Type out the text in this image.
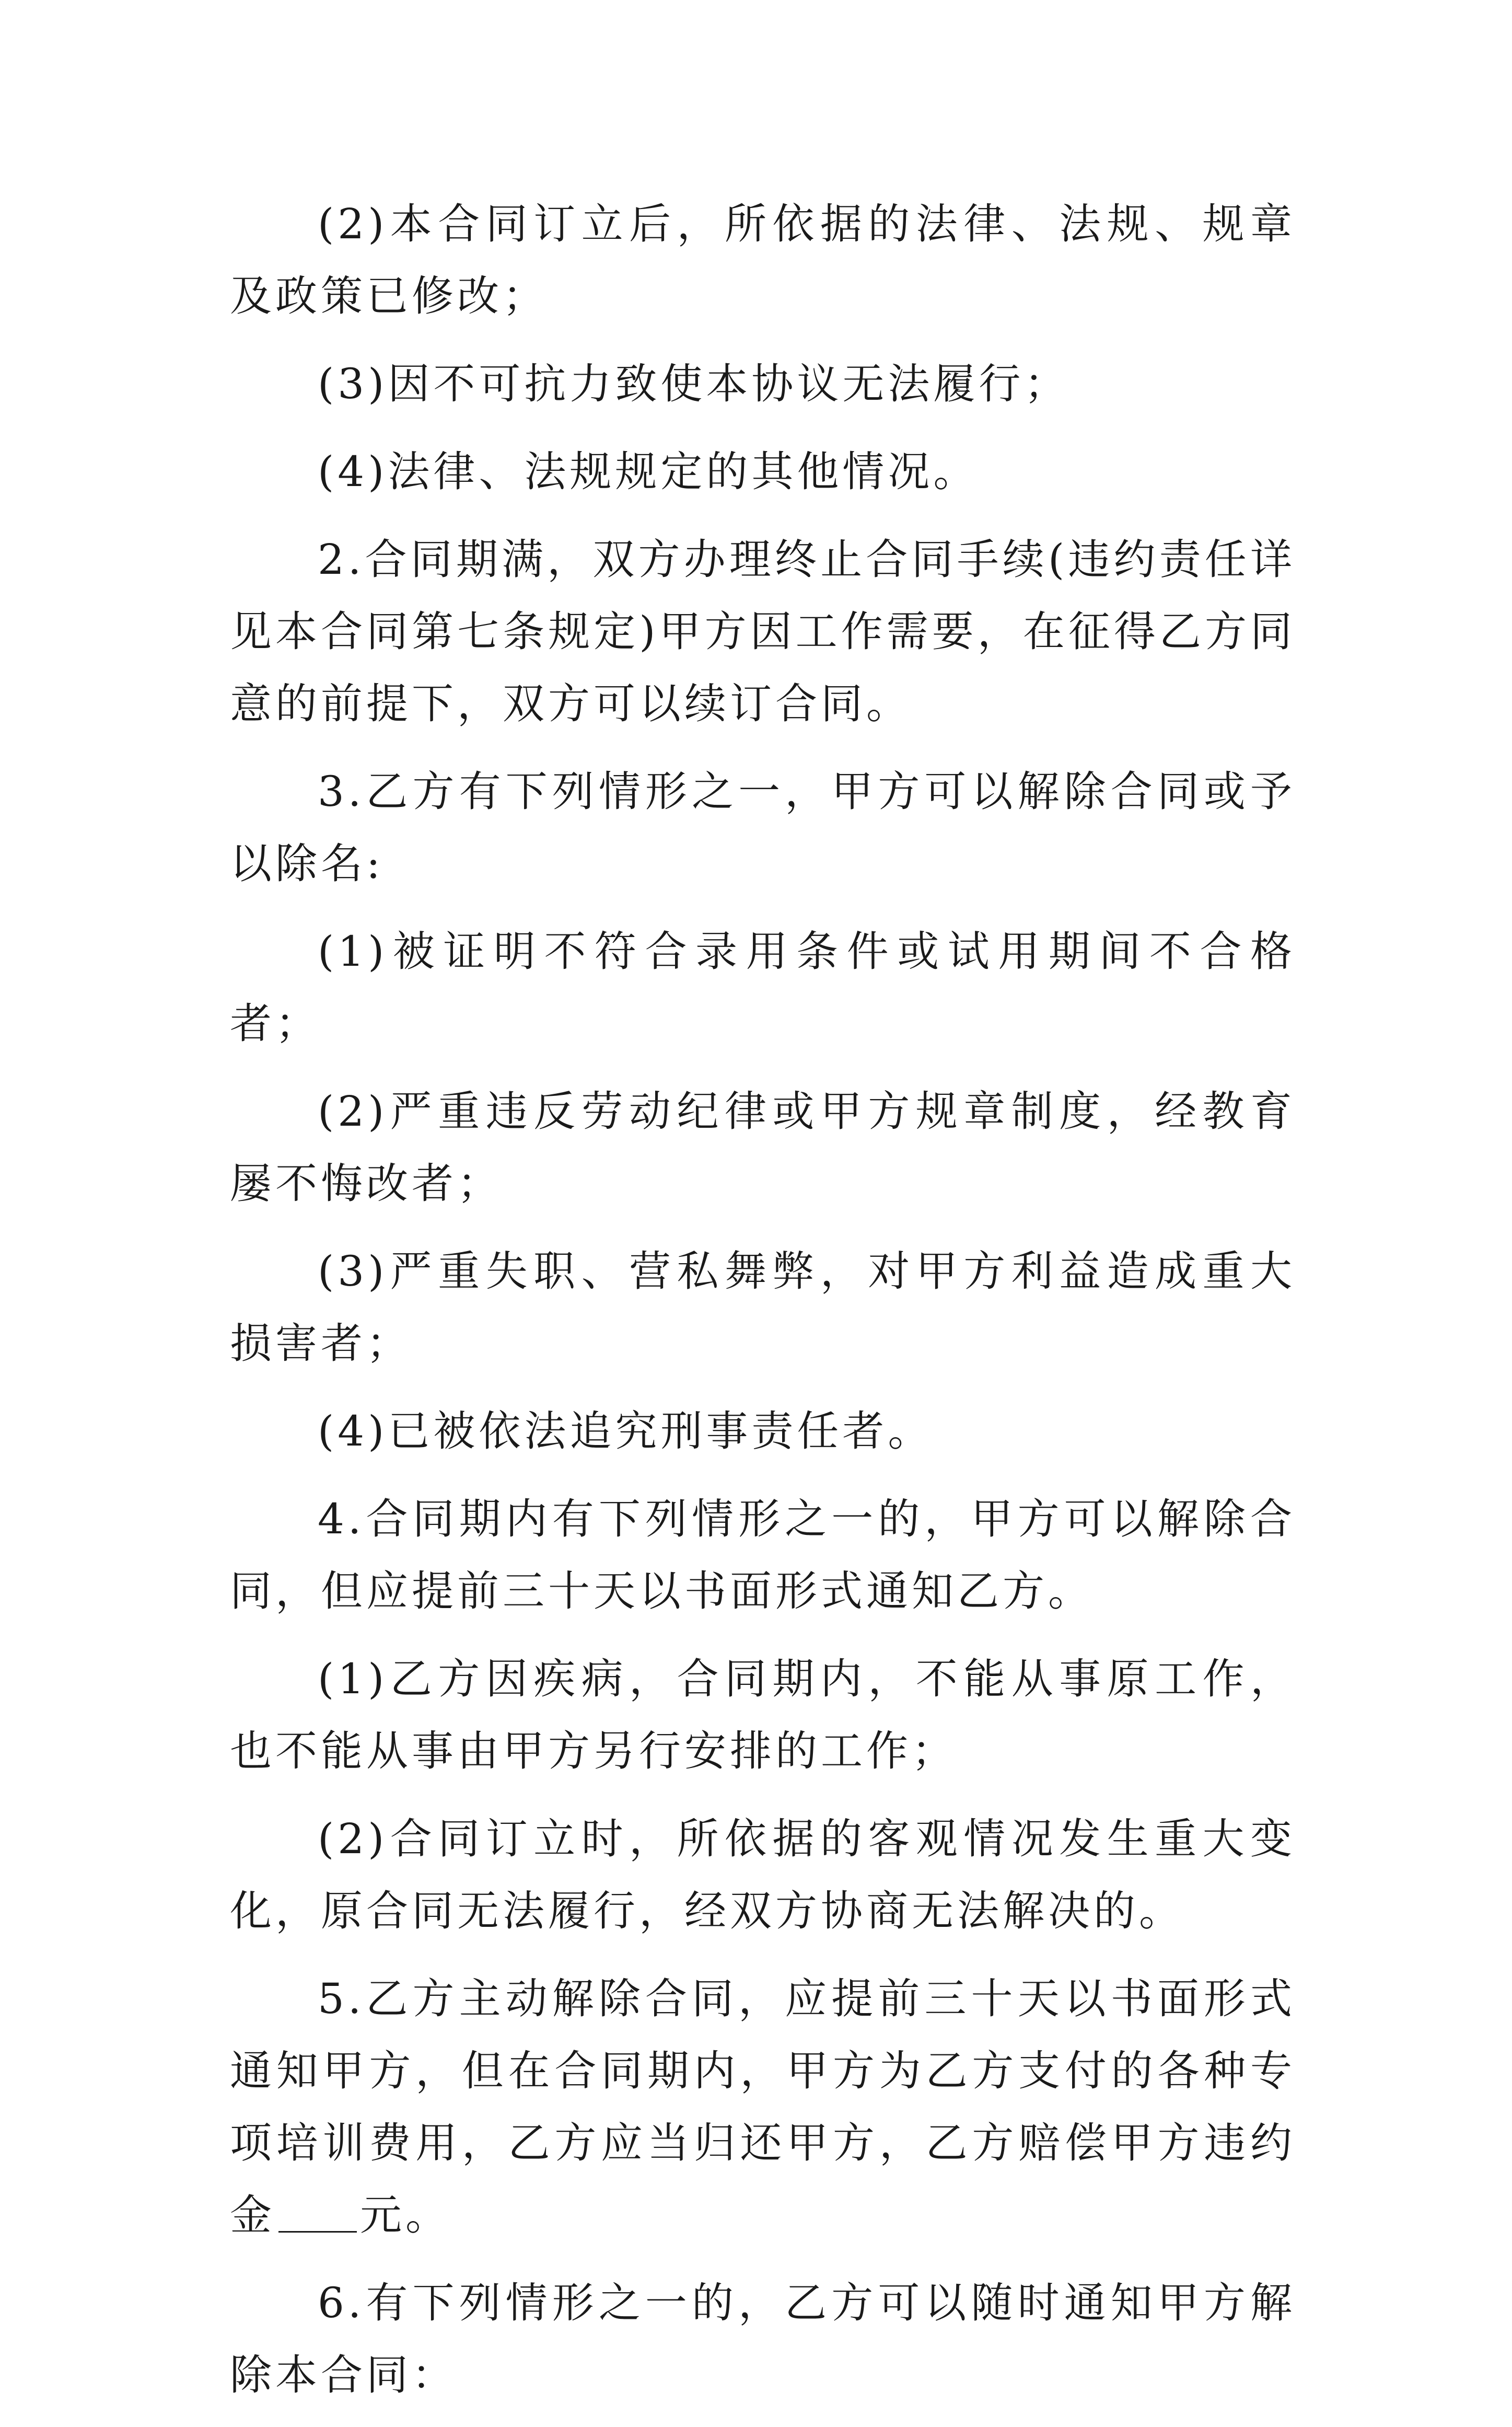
(2)本合同订立后，所依据的法律、法规、规章及政策已修改；

(3)因不可抗力致使本协议无法履行；

(4)法律、法规规定的其他情况。

2.合同期满，双方办理终止合同手续(违约责任详见本合同第七条规定)甲方因工作需要，在征得乙方同意的前提下，双方可以续订合同。

3.乙方有下列情形之一，甲方可以解除合同或予以除名:

(1)被证明不符合录用条件或试用期间不合格者；

(2)严重违反劳动纪律或甲方规章制度，经教育屡不悔改者；

(3)严重失职、营私舞弊，对甲方利益造成重大损害者；

(4)已被依法追究刑事责任者。

4.合同期内有下列情形之一的，甲方可以解除合同，但应提前三十天以书面形式通知乙方。

(1)乙方因疾病，合同期内，不能从事原工作，也不能从事由甲方另行安排的工作；

(2)合同订立时，所依据的客观情况发生重大变化，原合同无法履行，经双方协商无法解决的。

5.乙方主动解除合同，应提前三十天以书面形式通知甲方，但在合同期内，甲方为乙方支付的各种专项培训费用，乙方应当归还甲方，乙方赔偿甲方违约金 元。

6.有下列情形之一的，乙方可以随时通知甲方解除本合同：
